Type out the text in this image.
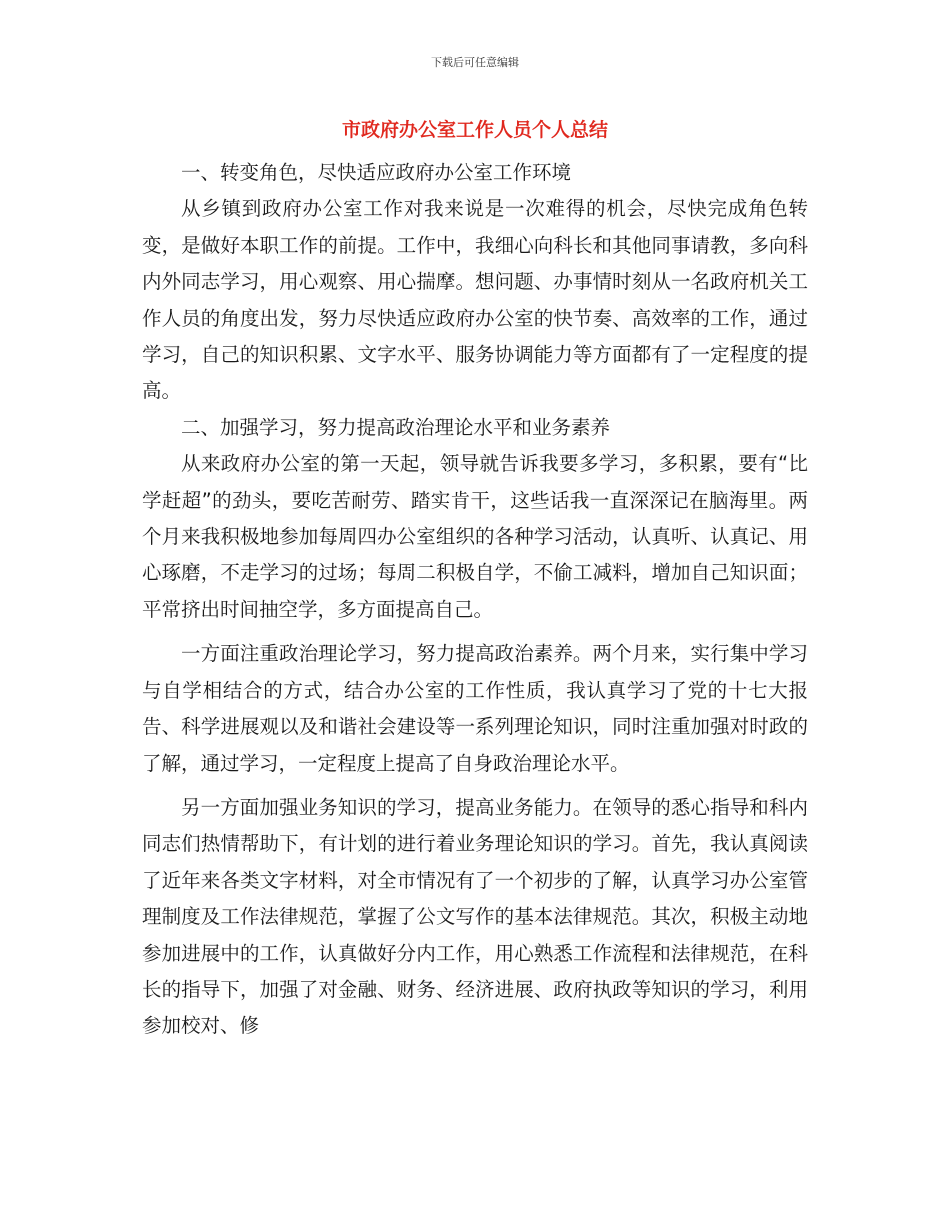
下载后可任意编辑
市政府办公室工作人员个人总结

一、转变角色，尽快适应政府办公室工作环境

从乡镇到政府办公室工作对我来说是一次难得的机会，尽快完成角色转变，是做好本职工作的前提。工作中，我细心向科长和其他同事请教，多向科内外同志学习，用心观察、用心揣摩。想问题、办事情时刻从一名政府机关工作人员的角度出发，努力尽快适应政府办公室的快节奏、高效率的工作，通过学习，自己的知识积累、文字水平、服务协调能力等方面都有了一定程度的提高。

二、加强学习，努力提高政治理论水平和业务素养

从来政府办公室的第一天起，领导就告诉我要多学习，多积累，要有“比学赶超”的劲头，要吃苦耐劳、踏实肯干，这些话我一直深深记在脑海里。两个月来我积极地参加每周四办公室组织的各种学习活动，认真听、认真记、用心琢磨，不走学习的过场；每周二积极自学，不偷工减料，增加自己知识面；平常挤出时间抽空学，多方面提高自己。

一方面注重政治理论学习，努力提高政治素养。两个月来，实行集中学习与自学相结合的方式，结合办公室的工作性质，我认真学习了党的十七大报告、科学进展观以及和谐社会建设等一系列理论知识，同时注重加强对时政的了解，通过学习，一定程度上提高了自身政治理论水平。

另一方面加强业务知识的学习，提高业务能力。在领导的悉心指导和科内同志们热情帮助下，有计划的进行着业务理论知识的学习。首先，我认真阅读了近年来各类文字材料，对全市情况有了一个初步的了解，认真学习办公室管理制度及工作法律规范，掌握了公文写作的基本法律规范。其次，积极主动地参加进展中的工作，认真做好分内工作，用心熟悉工作流程和法律规范，在科长的指导下，加强了对金融、财务、经济进展、政府执政等知识的学习，利用参加校对、修
